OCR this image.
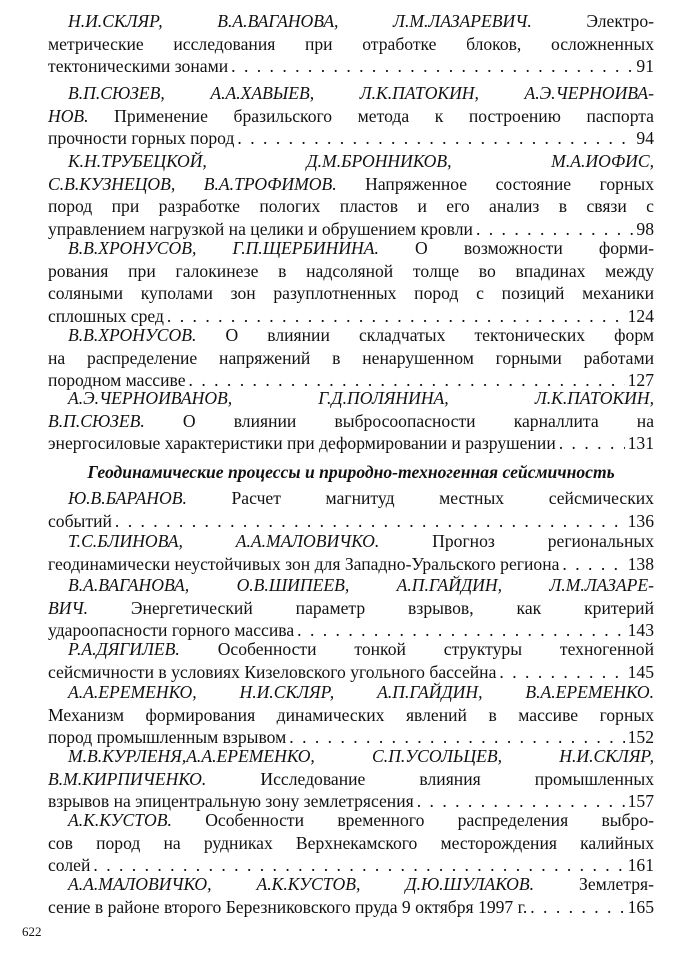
Н.И.СКЛЯР, В.А.ВАГАНОВА, Л.М.ЛАЗАРЕВИЧ.	Электро-
метрические исследования при отработке блоков, осложненных
тектоническими зонами . . .	91
В.П.СЮЗЕВ, А.А.ХАВЫЕВ, Л.К.ПАТОКИН, А.Э.ЧЕРНОИВА-
НОВ. Применение бразильского метода к построению паспорта
прочности горных пород . . .	94
К.Н.ТРУБЕЦКОЙ, Д.М.БРОННИКОВ, М.А.ИОФИС,
С.В.КУЗНЕЦОВ, В.А.ТРОФИМОВ. Напряженное состояние горных
пород при разработке пологих пластов и его анализ в связи с
управлением нагрузкой на целики и обрушением кровли . . .	98
В.В.ХРОНУСОВ, Г.П.ЩЕРБИНИНА. О возможности форми-
рования при галокинезе в надсоляной толще во впадинах между
соляными куполами зон разуплотненных пород с позиций механики
сплошных сред . . .	124
В.В.ХРОНУСОВ. О влиянии складчатых тектонических форм
на распределение напряжений в ненарушенном горными работами
породном массиве . . .	127
А.Э.ЧЕРНОИВАНОВ, Г.Д.ПОЛЯНИНА, Л.К.ПАТОКИН,
В.П.СЮЗЕВ. О влиянии выбросоопасности карналлита на
энергосиловые характеристики при деформировании и разрушении . . .	131
Геодинамические процессы и природно-техногенная сейсмичность
Ю.В.БАРАНОВ.	Расчет магнитуд местных сейсмических
событий . . .	136
Т.С.БЛИНОВА, А.А.МАЛОВИЧКО.	Прогноз региональных
геодинамически неустойчивых зон для Западно-Уральского региона . . .	138
В.А.ВАГАНОВА, О.В.ШИПЕЕВ, А.П.ГАЙДИН, Л.М.ЛАЗАРЕ-
ВИЧ. Энергетический параметр взрывов, как критерий
удароопасности горного массива . . .	143
Р.А.ДЯГИЛЕВ. Особенности тонкой структуры техногенной
сейсмичности в условиях Кизеловского угольного бассейна . . .	145
А.А.ЕРЕМЕНКО, Н.И.СКЛЯР, А.П.ГАЙДИН, В.А.ЕРЕМЕНКО.
Механизм формирования динамических явлений в массиве горных
пород промышленным взрывом . . .	152
М.В.КУРЛЕНЯ,А.А.ЕРЕМЕНКО, С.П.УСОЛЬЦЕВ, Н.И.СКЛЯР,
В.М.КИРПИЧЕНКО.	Исследование влияния промышленных
взрывов на эпицентральную зону землетрясения . . .	157
А.К.КУСТОВ. Особенности временного распределения выбро-
сов пород на рудниках Верхнекамского месторождения калийных
солей . . .	161
А.А.МАЛОВИЧКО, А.К.КУСТОВ, Д.Ю.ШУЛАКОВ.	Землетря-
сение в районе второго Березниковского пруда 9 октября 1997 г. . . .	165
622
